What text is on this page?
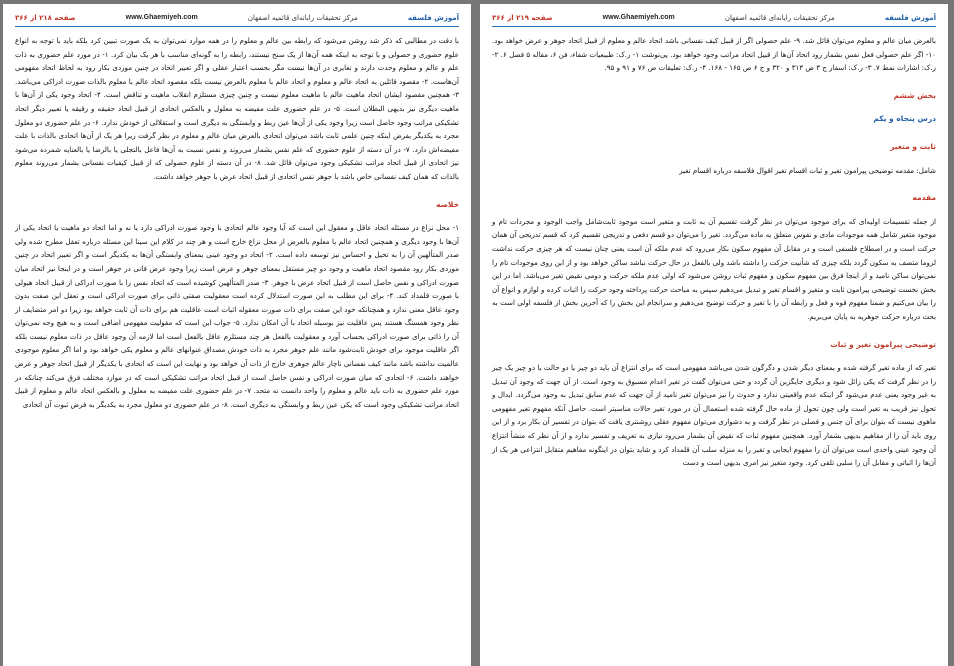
آموزش فلسفه
مرکز تحقیقات رایانه‌ای قائمیه اصفهان
www.Ghaemiyeh.com
صفحه ۲۱۸ از ۳۶۶

با دقت در مطالبی که ذکر شد روشن می‌شود که رابطه بین عالم و معلوم را در همه موارد نمی‌توان به یک صورت تبیین کرد بلکه باید با توجه به انواع علوم حضوری و حصولی و با توجه به اینکه همه آن‌ها از یک سنخ نیستند، رابطه را به گونه‌ای مناسب با هر یک بیان کرد. ۱- در مورد علم حضوری به ذات علم و عالم و معلوم وحدت دارند و تغایری در آن‌ها نیست مگر بحسب اعتبار عقلی و اگر تعبیر اتحاد در چنین موردی بکار رود به لحاظ اتحاد مفهومی آن‌هاست. ۲- مقصود قائلین به اتحاد عالم و معلوم و اتحاد عالم با معلوم بالعرض نیست بلکه مقصود اتحاد عالم با معلوم بالذات صورت ادراکی می‌باشد. ۳- همچنین مقصود ایشان اتحاد ماهیت عالم با ماهیت معلوم نیست و چنین چیزی مستلزم انقلاب ماهیت و تناقض است. ۴- اتحاد وجود یکی از آن‌ها با ماهیت دیگری نیز بدیهی البطلان است. ۵- در علم حضوری علت مفیضه به معلول و بالعکس اتحادی از قبیل اتحاد حقیقه و رقیقه یا تعبیر دیگر اتحاد تشکیکی مراتب وجود حاصل است زیرا وجود یکی از آن‌ها عین ربط و وابستگی به دیگری است و استقلالی از خودش ندارد. ۶- در علم حضوری دو معلول مجرد به یکدیگر بفرض اینکه چنین علمی ثابت باشد می‌توان اتحادی بالعرض میان عالم و معلوم در نظر گرفت زیرا هر یک از آن‌ها اتحادی بالذات با علت مفیضه‌اش دارد. ۷- در آن دسته از علوم حضوری که علم نفس بشمار می‌روند و نفس نسبت به آن‌ها فاعل بالتجلی یا بالرضا یا بالعنایه شمرده می‌شود نیز اتحادی از قبیل اتحاد مراتب تشکیکی وجود می‌توان قائل شد. ۸- در آن دسته از علوم حصولی که از قبیل کیفیات نفسانی بشمار می‌روند معلوم بالذات که همان کیف نفسانی خاص باشد با جوهر نفس اتحادی از قبیل اتحاد عرض با جوهر خواهد داشت.

خلاصه

۱- محل نزاع در مسئله اتحاد عاقل و معقول این است که آیا وجود عالم اتحادی با وجود صورت ادراکی دارد یا نه و اما اتحاد دو ماهیت یا اتحاد یکی از آن‌ها با وجود دیگری و همچنین اتحاد عالم با معلوم بالعرض از محل نزاع خارج است و هر چند در کلام این سینا این مسئله درباره تعقل مطرح شده ولی صدر المتألهین آن را به تخیل و احساس نیز توسعه داده است. ۲- اتحاد دو وجود عینی بمعنای وابستگی آن‌ها به یکدیگر است و اگر تعبیر اتحاد در چنین موردی بکار رود مقصود اتحاد ماهیت و وجود دو چیز مستقل بمعنای جوهر و عرض است زیرا وجود عرض فانی در جوهر است و در اینجا نیز اتحاد میان صورت ادراکی و نفس حاصل است از قبیل اتحاد عرض با جوهر. ۳- صدر المتألهین کوشیده است که اتحاد نفس را با صورت ادراکی از قبیل اتحاد هیولی با صورت قلمداد کند. ۴- برای این مطلب به این صورت استدلال کرده است معقولیت صفتی ذاتی برای صورت ادراکی است و تعقل این صفت بدون وجود عاقل معنی ندارد و همچنانکه خود این صفت برای ذات صورت معقوله اثبات است عاقلیت هم برای ذات آن ثابت خواهد بود زیرا دو امر متضایف از نظر وجود همسنگ هستند پس عاقلیت نیز بوسیله اتحاد با آن امکان ندارد. ۵- جواب این است که مقولیت مفهومی اضافی است و به هیچ وجه نمی‌توان آن را ذاتی برای صورت ادراکی بحساب آورد و معقولیت بالفعل هر چند مستلزم عاقل بالفعل است اما لازمه آن وجود عاقل در ذات معلوم نیست بلکه اگر عاقلیت موجود برای خودش ثابت‌شود مانند علم جوهر مجرد به ذات خودش مصداق عنوانهای عالم و معلوم یکی خواهد بود و اما اگر معلوم موجودی عالمیت نداشته باشد مانند کیف نفسانی ناچار عالم جوهری خارج از ذات آن خواهد بود و نهایت این است که اتحادی با یکدیگر از قبیل اتحاد جوهر و عرض خواهند داشت. ۶- اتحادی که میان صورت ادراکی و نفس حاصل است از قبیل اتحاد مراتب تشکیکی است که در موارد مختلف فرق می‌کند چنانکه در مورد علم حضوری به ذات باید عالم و معلوم را واحد دانست نه متحد. ۷- در علم حضوری علت مفیضه به معلول و بالعکس اتحاد عالم و معلوم از قبیل اتحاد مراتب تشکیکی وجود است که یکی عین ربط و وابستگی به دیگری است. ۸- در علم حضوری دو معلول مجرد به یکدیگر به فرض ثبوت آن اتحادی

آموزش فلسفه
مرکز تحقیقات رایانه‌ای قائمیه اصفهان
www.Ghaemiyeh.com
صفحه ۲۱۹ از ۳۶۶

بالعرض میان عالم و معلوم می‌توان قائل شد. ۹- علم حصولی اگر از قبیل کیف نفسانی باشد اتحاد عالم و معلوم از قبیل اتحاد جوهر و عرض خواهد بود. ۱۰- اگر علم حصولی فعل نفس بشمار رود اتحاد آن‌ها از قبیل اتحاد مراتب وجود خواهد بود. پی‌نوشت ۱- ر.ک: طبیعیات شفاء، فن ۶، مقاله ۵ فصل ۶. ۲- ر.ک: اشارات نمط ۷. ۳- ر.ک: اسفار ج ۳ ص ۳۱۳ و ۳۲۰ و ج ۶ ص ۱۶۵ - ۱۶۸. ۴- ر.ک: تعلیقات ص ۷۶ و ۹۱ و ۹۵.

بخش ششم
درس پنجاه و یکم
ثابت و متغیر

شامل: مقدمه توضیحی پیرامون تغیر و ثبات اقسام تغیر اقوال فلاسفه درباره اقسام تغیر

مقدمه

از جمله تقسیمات اولیه‌ای که برای موجود می‌توان در نظر گرفت تقسیم آن به ثابت و متغیر است موجود ثابت‌شامل واجب الوجود و مجردات تام و موجود متغیر شامل همه موجودات مادی و نفوس متعلق به ماده می‌گردد. تغیر را می‌توان دو قسم دفعی و تدریجی تقسیم کرد که قسم تدریجی آن همان حرکت است و در اصطلاح فلسفی است و در مقابل آن مفهوم سکون بکار می‌رود که عدم ملکه آن است یعنی چنان نیست که هر چیزی حرکت نداشت لزوما متصف به سکون گردد بلکه چیزی که شأنیت حرکت را داشته باشد ولی بالفعل در حال حرکت نباشد ساکن خواهد بود و از این روی موجودات تام را نمی‌توان ساکن نامید و از اینجا فرق بین مفهوم سکون و مفهوم ثبات روشن می‌شود که اولی عدم ملکه حرکت و دومی نقیض تغیر می‌باشد. اما در این بخش نخست توضیحی پیرامون ثابت و متغیر و اقسام تغیر و تبدیل می‌دهیم سپس به مباحث حرکت پرداخته وجود حرکت را اثبات کرده و لوازم و انواع آن را بیان می‌کنیم و ضمنا مفهوم قوه و فعل و رابطه آن را با تغیر و حرکت توضیح می‌دهیم و سرانجام این بخش را که آخرین بخش از فلسفه اولی است به بحث درباره حرکت جوهریه به پایان می‌بریم.

توضیحی پیرامون تغیر و ثبات

تغیر که از ماده تغیر گرفته شده و بمعنای دیگر شدن و دگرگون شدن می‌باشد مفهومی است که برای انتزاع آن باید دو چیز یا دو حالت یا دو چیز یک چیز را در نظر گرفت که یکی زائل شود و دیگری جایگزین آن گردد و حتی می‌توان گفت در تغیر اعدام مسبوق به وجود است. از آن جهت که وجود آن تبدیل به غیر وجود یعنی عدم می‌شود گر اینکه عدم واقعیتی ندارد و حدوث را نیز می‌توان تغیر نامید از آن جهت که عدم سابق تبدیل به وجود می‌گردد. ابدال و تحول نیز قریب به تغیر است ولی چون تحول از ماده حال گرفته شده استعمال آن در مورد تغیر حالات مناسبتر است. حاصل آنکه مفهوم تغیر مفهومی ماهوی نیست که بتوان برای آن جنس و فصلی در نظر گرفت و به دشواری می‌توان مفهوم عقلی روشنتری یافت که بتوان در تفسیر آن بکار برد و از این روی باید آن را از مفاهیم بدیهی بشمار آورد. همچنین مفهوم ثبات که نقیض آن بشمار می‌رود نیازی به تعریف و تفسیر ندارد و از آن نظر که منشأ انتزاع آن وجود عینی واحدی است می‌توان آن را مفهوم ایجابی و تغیر را به منزله سلب آن قلمداد کرد و شاید بتوان در اینگونه مفاهیم متقابل انتزاعی هر یک از آن‌ها را اثباتی و مقابل آن را سلبی تلقی کرد. وجود متغیر نیز امری بدیهی است و دست
